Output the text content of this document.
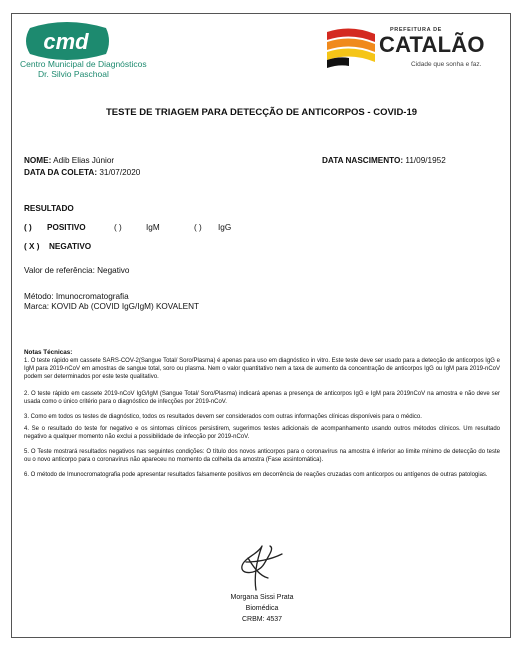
cmd
Centro Municipal de Diagnósticos
Dr. Silvio Paschoal
PREFEITURA DE
CATALÃO
Cidade que sonha e faz.
TESTE DE TRIAGEM PARA DETECÇÃO DE ANTICORPOS - COVID-19
NOME: Adib Elias Júnior	DATA NASCIMENTO: 11/09/1952
DATA DA COLETA: 31/07/2020
RESULTADO
( ) POSITIVO	( )	IgM	( ) IgG
( X ) NEGATIVO
Valor de referência: Negativo
Método: Imunocromatografia
Marca: KOVID Ab (COVID IgG/IgM) KOVALENT
Notas Técnicas:
1. O teste rápido em cassete SARS-COV-2(Sangue Total/ Soro/Plasma) é apenas para uso em diagnóstico in vitro. Este teste deve ser usado para a detecção de anticorpos IgG e IgM para 2019-nCoV em amostras de sangue total, soro ou plasma. Nem o valor quantitativo nem a taxa de aumento da concentração de anticorpos IgG ou IgM para 2019-nCoV podem ser determinados por este teste qualitativo.
2. O teste rápido em cassete 2019-nCoV IgG/IgM (Sangue Total/ Soro/Plasma) indicará apenas a presença de anticorpos IgG e IgM para 2019nCoV na amostra e não deve ser usada como o único critério para o diagnóstico de infecções por 2019-nCoV.
3. Como em todos os testes de diagnóstico, todos os resultados devem ser considerados com outras informações clínicas disponíveis para o médico.
4. Se o resultado do teste for negativo e os sintomas clínicos persistirem, sugerimos testes adicionais de acompanhamento usando outros métodos clínicos. Um resultado negativo a qualquer momento não exclui a possibilidade de infecção por 2019-nCoV.
5. O Teste mostrará resultados negativos nas seguintes condições: O título dos novos anticorpos para o coronavírus na amostra é inferior ao limite mínimo de detecção do teste ou o novo anticorpo para o coronavírus não apareceu no momento da colheita da amostra (Fase assintomática).
6. O método de Imunocromatografia pode apresentar resultados falsamente positivos em decorrência de reações cruzadas com anticorpos ou antígenos de outras patologias.
Morgana Sissi Prata
Biomédica
CRBM: 4537
